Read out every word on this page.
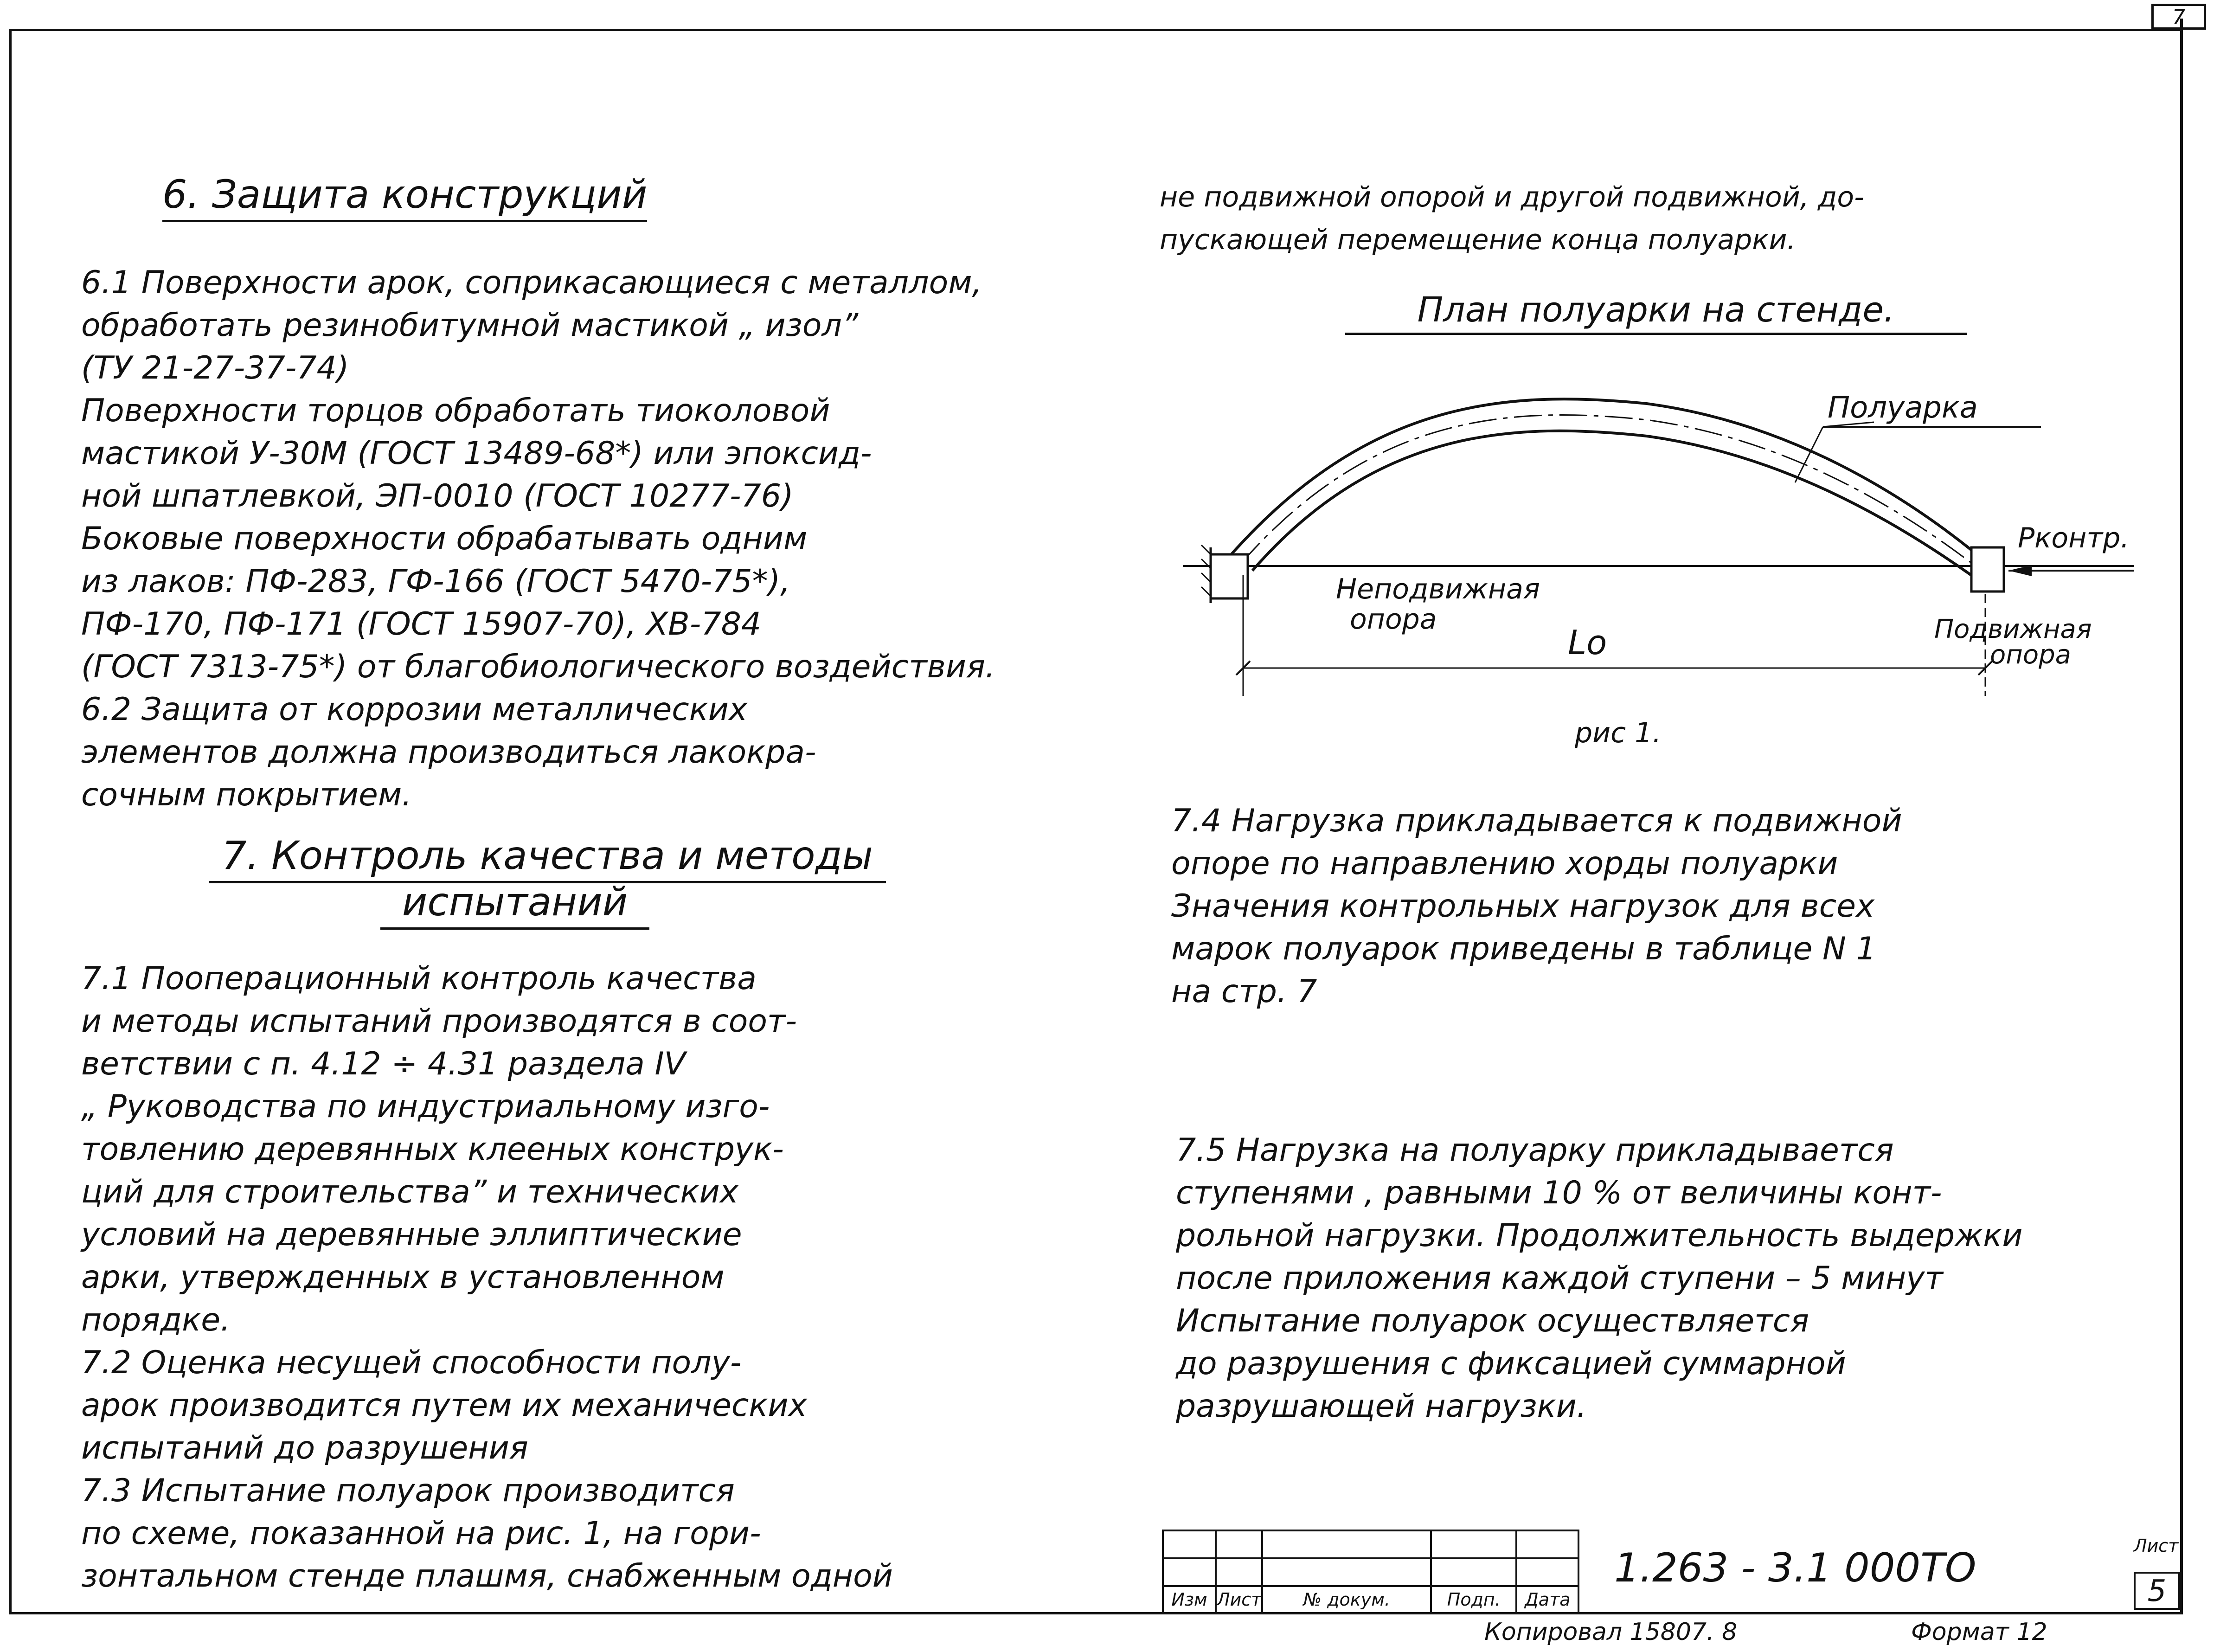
7
6. Защита конструкций
6.1 Поверхности арок, соприкасающиеся с металлом,
обработать резинобитумной мастикой „ изол”
(ТУ 21-27-37-74)
Поверхности торцов обработать тиоколовой
мастикой У-30М (ГОСТ 13489-68*) или эпоксид-
ной шпатлевкой, ЭП-0010 (ГОСТ 10277-76)
Боковые поверхности обрабатывать одним
из лаков: ПФ-283, ГФ-166 (ГОСТ 5470-75*),
ПФ-170, ПФ-171 (ГОСТ 15907-70), ХВ-784
(ГОСТ 7313-75*) от благобиологического воздействия.
6.2 Защита от коррозии металлических
элементов должна производиться лакокра-
сочным покрытием.
7. Контроль качества и методы
испытаний
7.1 Пооперационный контроль качества
и методы испытаний производятся в соот-
ветствии с п. 4.12 ÷ 4.31 раздела IV
„ Руководства по индустриальному изго-
товлению деревянных клееных конструк-
ций для строительства” и технических
условий на деревянные эллиптические
арки, утвержденных в установленном
порядке.
7.2 Оценка несущей способности полу-
арок производится путем их механических
испытаний до разрушения
7.3 Испытание полуарок производится
по схеме, показанной на рис. 1, на гори-
зонтальном стенде плашмя, снабженным одной
не подвижной опорой и другой подвижной, до-
пускающей перемещение конца полуарки.
План полуарки на стенде.
Полуарка
Pконтр.
Неподвижная
опора
Lo	Подвижная
опора
рис 1.
7.4 Нагрузка прикладывается к подвижной
опоре по направлению хорды полуарки
Значения контрольных нагрузок для всех
марок полуарок приведены в таблице N 1
на стр. 7
7.5 Нагрузка на полуарку прикладывается
ступенями , равными 10 % от величины конт-
рольной нагрузки. Продолжительность выдержки
после приложения каждой ступени – 5 минут
Испытание полуарок осуществляется
до разрушения с фиксацией суммарной
разрушающей нагрузки.

Изм	Лист	№ докум.	Подп.	Дата
1.263 - 3.1 000ТО	Лист
5
Копировал 15807. 8	Формат 12
